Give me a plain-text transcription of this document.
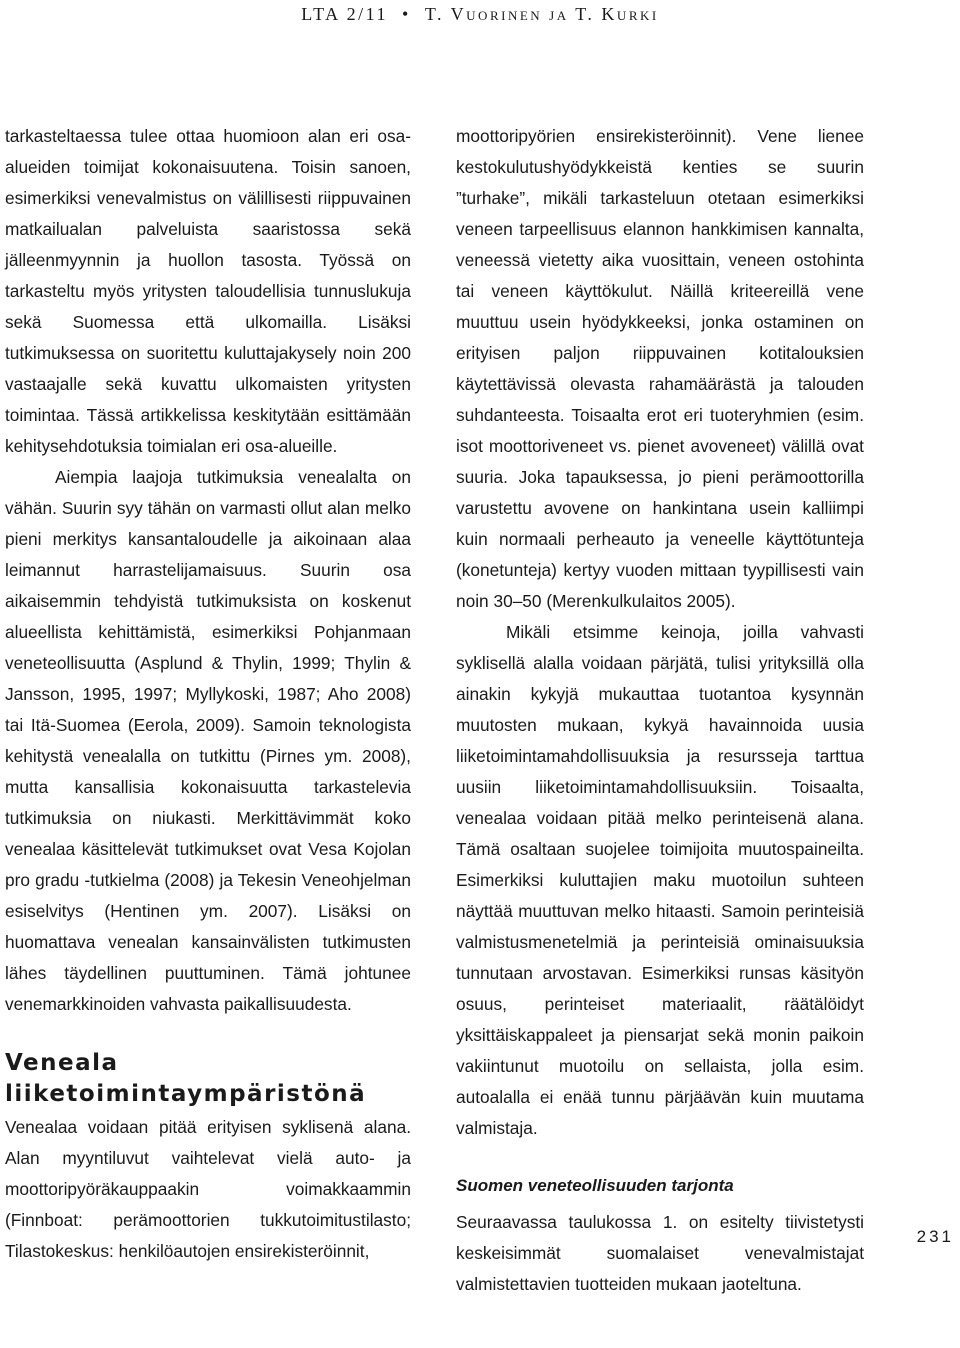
LTA 2/11 • T. Vuorinen ja T. Kurki

tarkasteltaessa tulee ottaa huomioon alan eri osa-alueiden toimijat kokonaisuutena. Toisin sanoen, esimerkiksi venevalmistus on välillisesti riippuvainen matkailualan palveluista saaristossa sekä jälleenmyynnin ja huollon tasosta. Työssä on tarkasteltu myös yritysten taloudellisia tunnuslukuja sekä Suomessa että ulkomailla. Lisäksi tutkimuksessa on suoritettu kuluttajakysely noin 200 vastaajalle sekä kuvattu ulkomaisten yritysten toimintaa. Tässä artikkelissa keskitytään esittämään kehitysehdotuksia toimialan eri osa-alueille.

Aiempia laajoja tutkimuksia venealalta on vähän. Suurin syy tähän on varmasti ollut alan melko pieni merkitys kansantaloudelle ja aikoinaan alaa leimannut harrastelijamaisuus. Suurin osa aikaisemmin tehdyistä tutkimuksista on koskenut alueellista kehittämistä, esimerkiksi Pohjanmaan veneteollisuutta (Asplund & Thylin, 1999; Thylin & Jansson, 1995, 1997; Myllykoski, 1987; Aho 2008) tai Itä-Suomea (Eerola, 2009). Samoin teknologista kehitystä venealalla on tutkittu (Pirnes ym. 2008), mutta kansallisia kokonaisuutta tarkastelevia tutkimuksia on niukasti. Merkittävimmät koko venealaa käsittelevät tutkimukset ovat Vesa Kojolan pro gradu -tutkielma (2008) ja Tekesin Veneohjelman esiselvitys (Hentinen ym. 2007). Lisäksi on huomattava venealan kansainvälisten tutkimusten lähes täydellinen puuttuminen. Tämä johtunee venemarkkinoiden vahvasta paikallisuudesta.

Veneala liiketoimintaympäristönä

Venealaa voidaan pitää erityisen syklisenä alana. Alan myyntiluvut vaihtelevat vielä auto- ja moottoripyöräkauppaakin voimakkaammin (Finnboat: perämoottorien tukkutoimitustilasto; Tilastokeskus: henkilöautojen ensirekisteröinnit,

moottoripyörien ensirekisteröinnit). Vene lienee kestokulutushyödykkeistä kenties se suurin ”turhake”, mikäli tarkasteluun otetaan esimerkiksi veneen tarpeellisuus elannon hankkimisen kannalta, veneessä vietetty aika vuosittain, veneen ostohinta tai veneen käyttökulut. Näillä kriteereillä vene muuttuu usein hyödykkeeksi, jonka ostaminen on erityisen paljon riippuvainen kotitalouksien käytettävissä olevasta rahamäärästä ja talouden suhdanteesta. Toisaalta erot eri tuoteryhmien (esim. isot moottoriveneet vs. pienet avoveneet) välillä ovat suuria. Joka tapauksessa, jo pieni perämoottorilla varustettu avovene on hankintana usein kalliimpi kuin normaali perheauto ja veneelle käyttötunteja (konetunteja) kertyy vuoden mittaan tyypillisesti vain noin 30–50 (Merenkulkulaitos 2005).

Mikäli etsimme keinoja, joilla vahvasti syklisellä alalla voidaan pärjätä, tulisi yrityksillä olla ainakin kykyjä mukauttaa tuotantoa kysynnän muutosten mukaan, kykyä havainnoida uusia liiketoimintamahdollisuuksia ja resursseja tarttua uusiin liiketoimintamahdollisuuksiin. Toisaalta, venealaa voidaan pitää melko perinteisenä alana. Tämä osaltaan suojelee toimijoita muutospaineilta. Esimerkiksi kuluttajien maku muotoilun suhteen näyttää muuttuvan melko hitaasti. Samoin perinteisiä valmistusmenetelmiä ja perinteisiä ominaisuuksia tunnutaan arvostavan. Esimerkiksi runsas käsityön osuus, perinteiset materiaalit, räätälöidyt yksittäiskappaleet ja piensarjat sekä monin paikoin vakiintunut muotoilu on sellaista, jolla esim. autoalalla ei enää tunnu pärjäävän kuin muutama valmistaja.

Suomen veneteollisuuden tarjonta

Seuraavassa taulukossa 1. on esitelty tiivistetysti keskeisimmät suomalaiset venevalmistajat valmistettavien tuotteiden mukaan jaoteltuna.

231
